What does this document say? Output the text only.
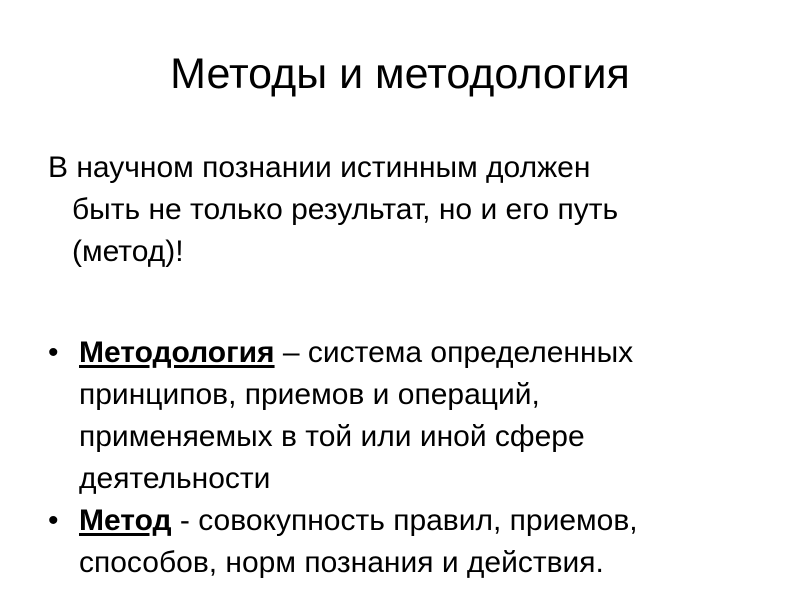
Методы и методология
В научном познании истинным должен
быть не только результат, но и его путь
(метод)!
• Методология – система определенных
принципов, приемов и операций,
применяемых в той или иной сфере
деятельности
• Метод - совокупность правил, приемов,
способов, норм познания и действия.
